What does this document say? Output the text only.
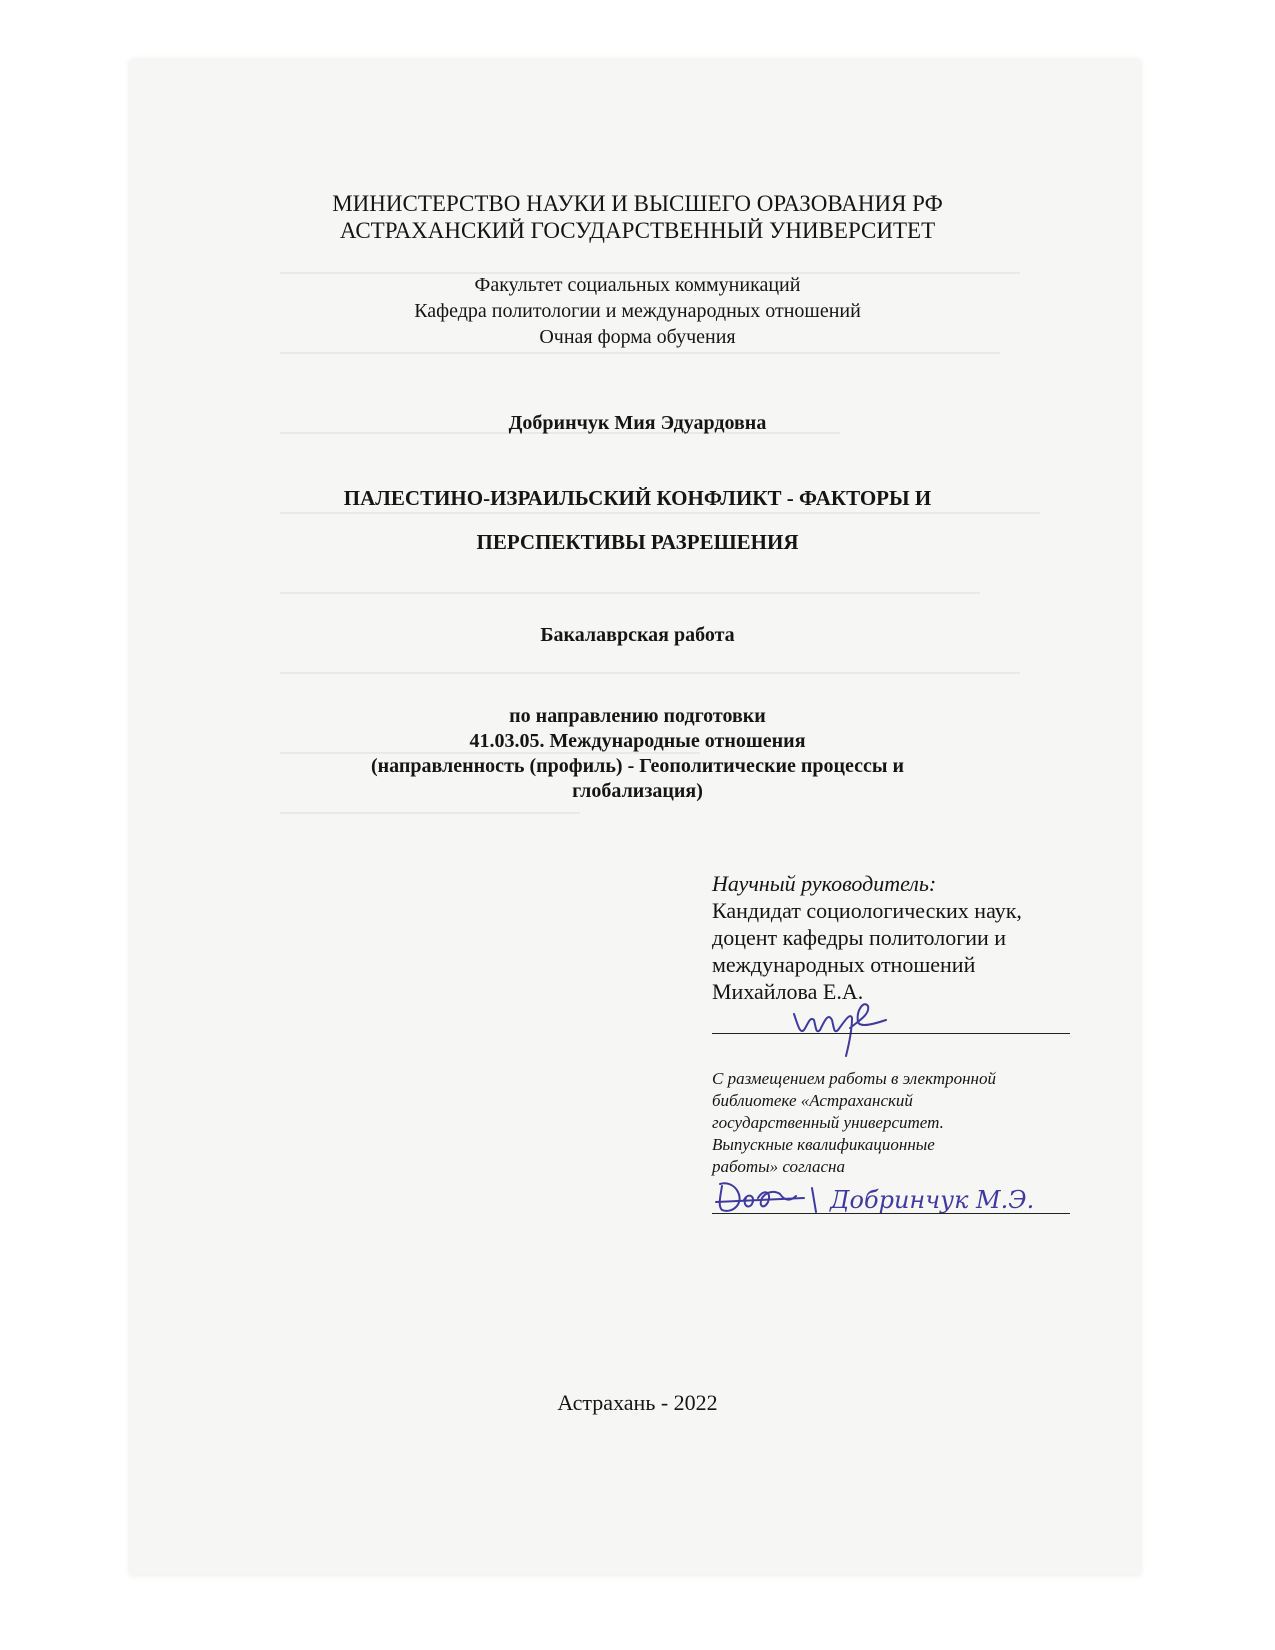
МИНИСТЕРСТВО НАУКИ И ВЫСШЕГО ОРАЗОВАНИЯ РФ
АСТРАХАНСКИЙ ГОСУДАРСТВЕННЫЙ УНИВЕРСИТЕТ
Факультет социальных коммуникаций
Кафедра политологии и международных отношений
Очная форма обучения
Добринчук Мия Эдуардовна
ПАЛЕСТИНО-ИЗРАИЛЬСКИЙ КОНФЛИКТ - ФАКТОРЫ И
ПЕРСПЕКТИВЫ РАЗРЕШЕНИЯ
Бакалаврская работа
по направлению подготовки
41.03.05. Международные отношения
(направленность (профиль) - Геополитические процессы и
глобализация)
Научный руководитель:
Кандидат социологических наук,
доцент кафедры политологии и
международных отношений
Михайлова Е.А.
С размещением работы в электронной
библиотеке «Астраханский
государственный университет.
Выпускные квалификационные
работы» согласна
Добринчук М.Э.
Астрахань - 2022
